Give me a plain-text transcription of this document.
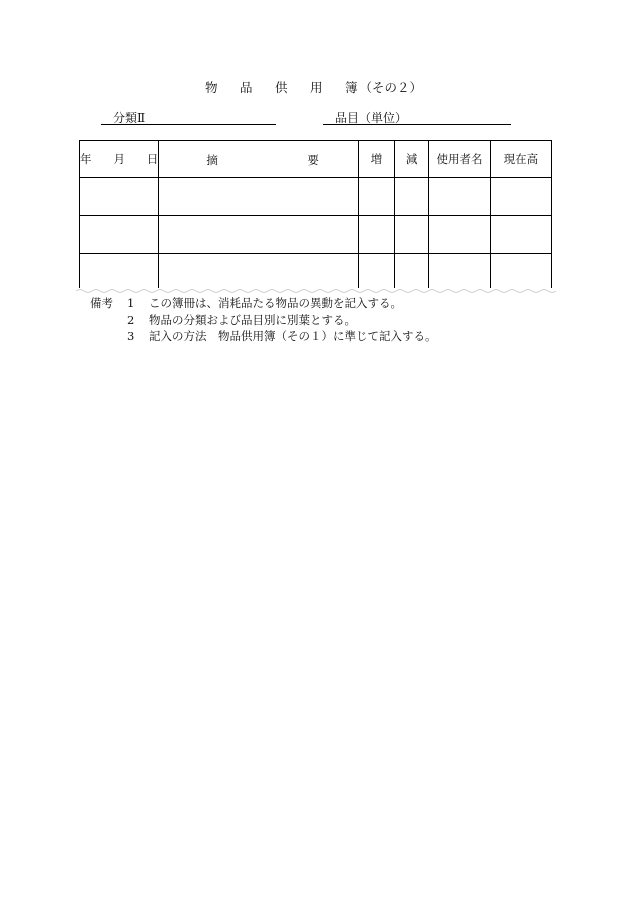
物 品 供 用 簿 （その２）
分類Ⅱ	品目（単位）
年 月 日	摘 要	増	減	使用者名	現在高

備考 1 この簿冊は、消耗品たる物品の異動を記入する。
2 物品の分類および品目別に別葉とする。
3 記入の方法　物品供用簿（その１）に準じて記入する。
